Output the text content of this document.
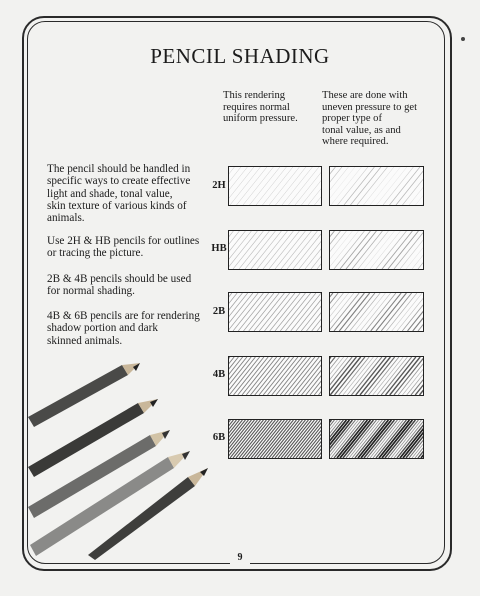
PENCIL SHADING
This rendering
requires normal
uniform pressure.
These are done with
uneven pressure to get
proper type of
tonal value, as and
where required.
The pencil should be handled in
specific ways to create effective
light and shade, tonal value,
skin texture of various kinds of
animals.
Use 2H & HB pencils for outlines
or tracing the picture.
2B & 4B pencils should be used
for normal shading.
4B & 6B pencils are for rendering
shadow portion and dark
skinned animals.
2H
HB
2B
4B
6B
9
